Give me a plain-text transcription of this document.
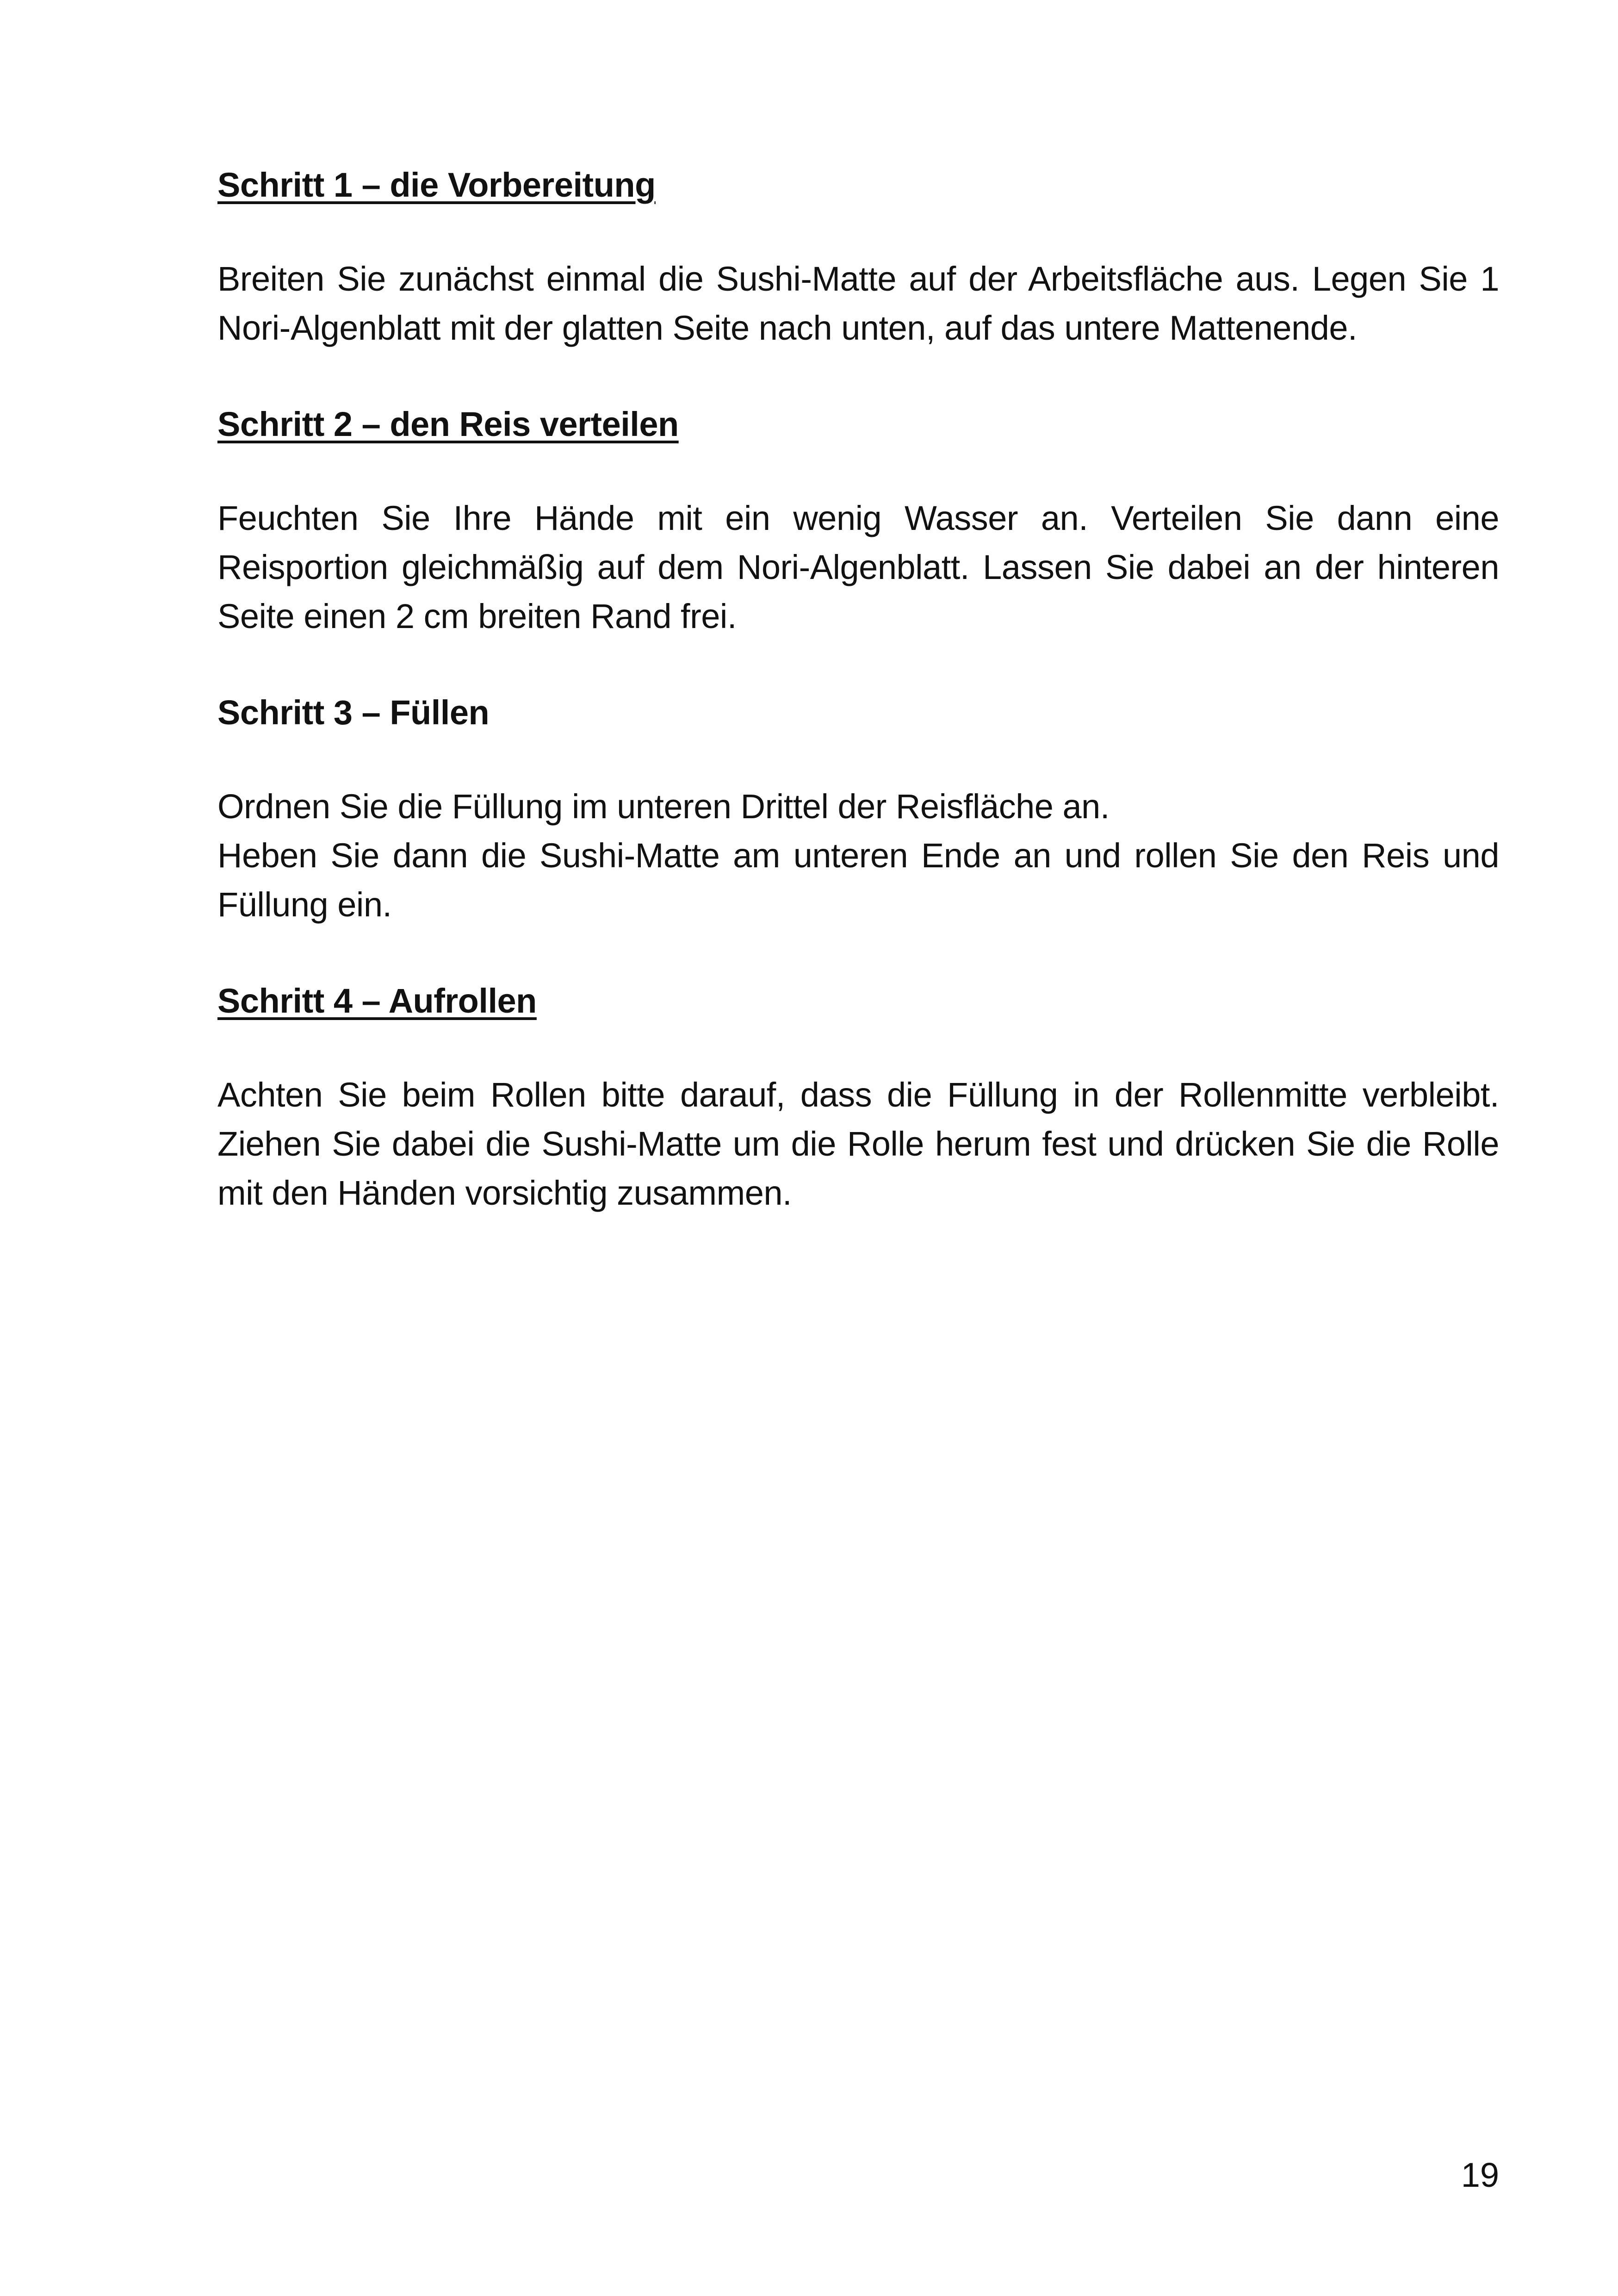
Schritt 1 – die Vorbereitung

Breiten Sie zunächst einmal die Sushi-Matte auf der Arbeitsfläche aus. Legen Sie 1 Nori-Algenblatt mit der glatten Seite nach unten, auf das untere Mattenende.

Schritt 2 – den Reis verteilen

Feuchten Sie Ihre Hände mit ein wenig Wasser an. Verteilen Sie dann eine Reisportion gleichmäßig auf dem Nori-Algenblatt. Lassen Sie dabei an der hinteren Seite einen 2 cm breiten Rand frei.

Schritt 3 – Füllen

Ordnen Sie die Füllung im unteren Drittel der Reisfläche an.

Heben Sie dann die Sushi-Matte am unteren Ende an und rollen Sie den Reis und Füllung ein.

Schritt 4 – Aufrollen

Achten Sie beim Rollen bitte darauf, dass die Füllung in der Rollenmitte verbleibt. Ziehen Sie dabei die Sushi-Matte um die Rolle herum fest und drücken Sie die Rolle mit den Händen vorsichtig zusammen.

19
